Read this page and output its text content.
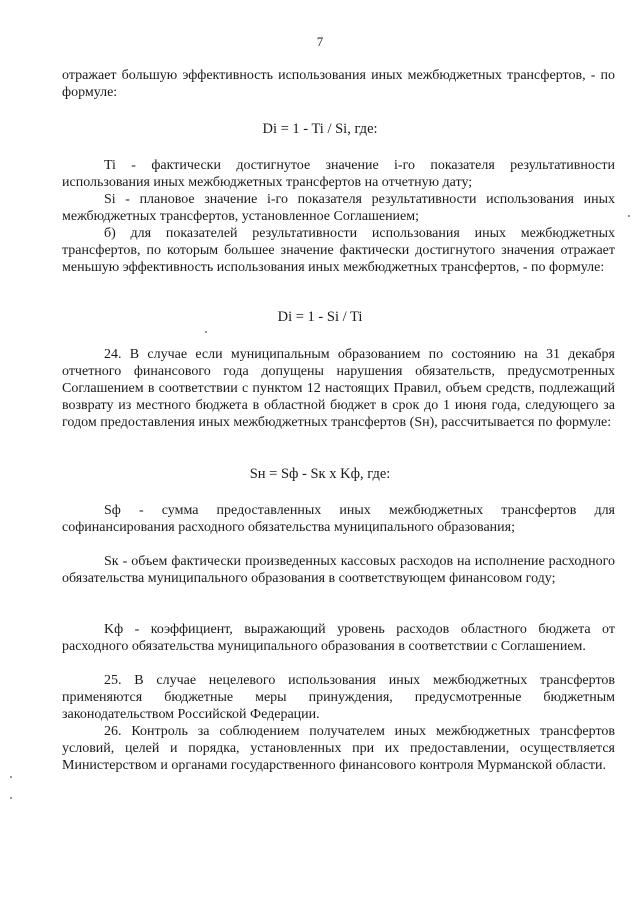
7

отражает большую эффективность использования иных межбюджетных трансфертов, - по формуле:

Di = 1 - Ti / Si, где:

Ti - фактически достигнутое значение i-го показателя результативности использования иных межбюджетных трансфертов на отчетную дату;

Si - плановое значение i-го показателя результативности использования иных межбюджетных трансфертов, установленное Соглашением;

б) для показателей результативности использования иных межбюджетных трансфертов, по которым большее значение фактически достигнутого значения отражает меньшую эффективность использования иных межбюджетных трансфертов, - по формуле:

Di = 1 - Si / Ti

24. В случае если муниципальным образованием по состоянию на 31 декабря отчетного финансового года допущены нарушения обязательств, предусмотренных Соглашением в соответствии с пунктом 12 настоящих Правил, объем средств, подлежащий возврату из местного бюджета в областной бюджет в срок до 1 июня года, следующего за годом предоставления иных межбюджетных трансфертов (Sн), рассчитывается по формуле:

Sн = Sф - Sк x Kф, где:

Sф - сумма предоставленных иных межбюджетных трансфертов для софинансирования расходного обязательства муниципального образования;

Sк - объем фактически произведенных кассовых расходов на исполнение расходного обязательства муниципального образования в соответствующем финансовом году;

Kф - коэффициент, выражающий уровень расходов областного бюджета от расходного обязательства муниципального образования в соответствии с Соглашением.

25. В случае нецелевого использования иных межбюджетных трансфертов применяются бюджетные меры принуждения, предусмотренные бюджетным законодательством Российской Федерации.

26. Контроль за соблюдением получателем иных межбюджетных трансфертов условий, целей и порядка, установленных при их предоставлении, осуществляется Министерством и органами государственного финансового контроля Мурманской области.
